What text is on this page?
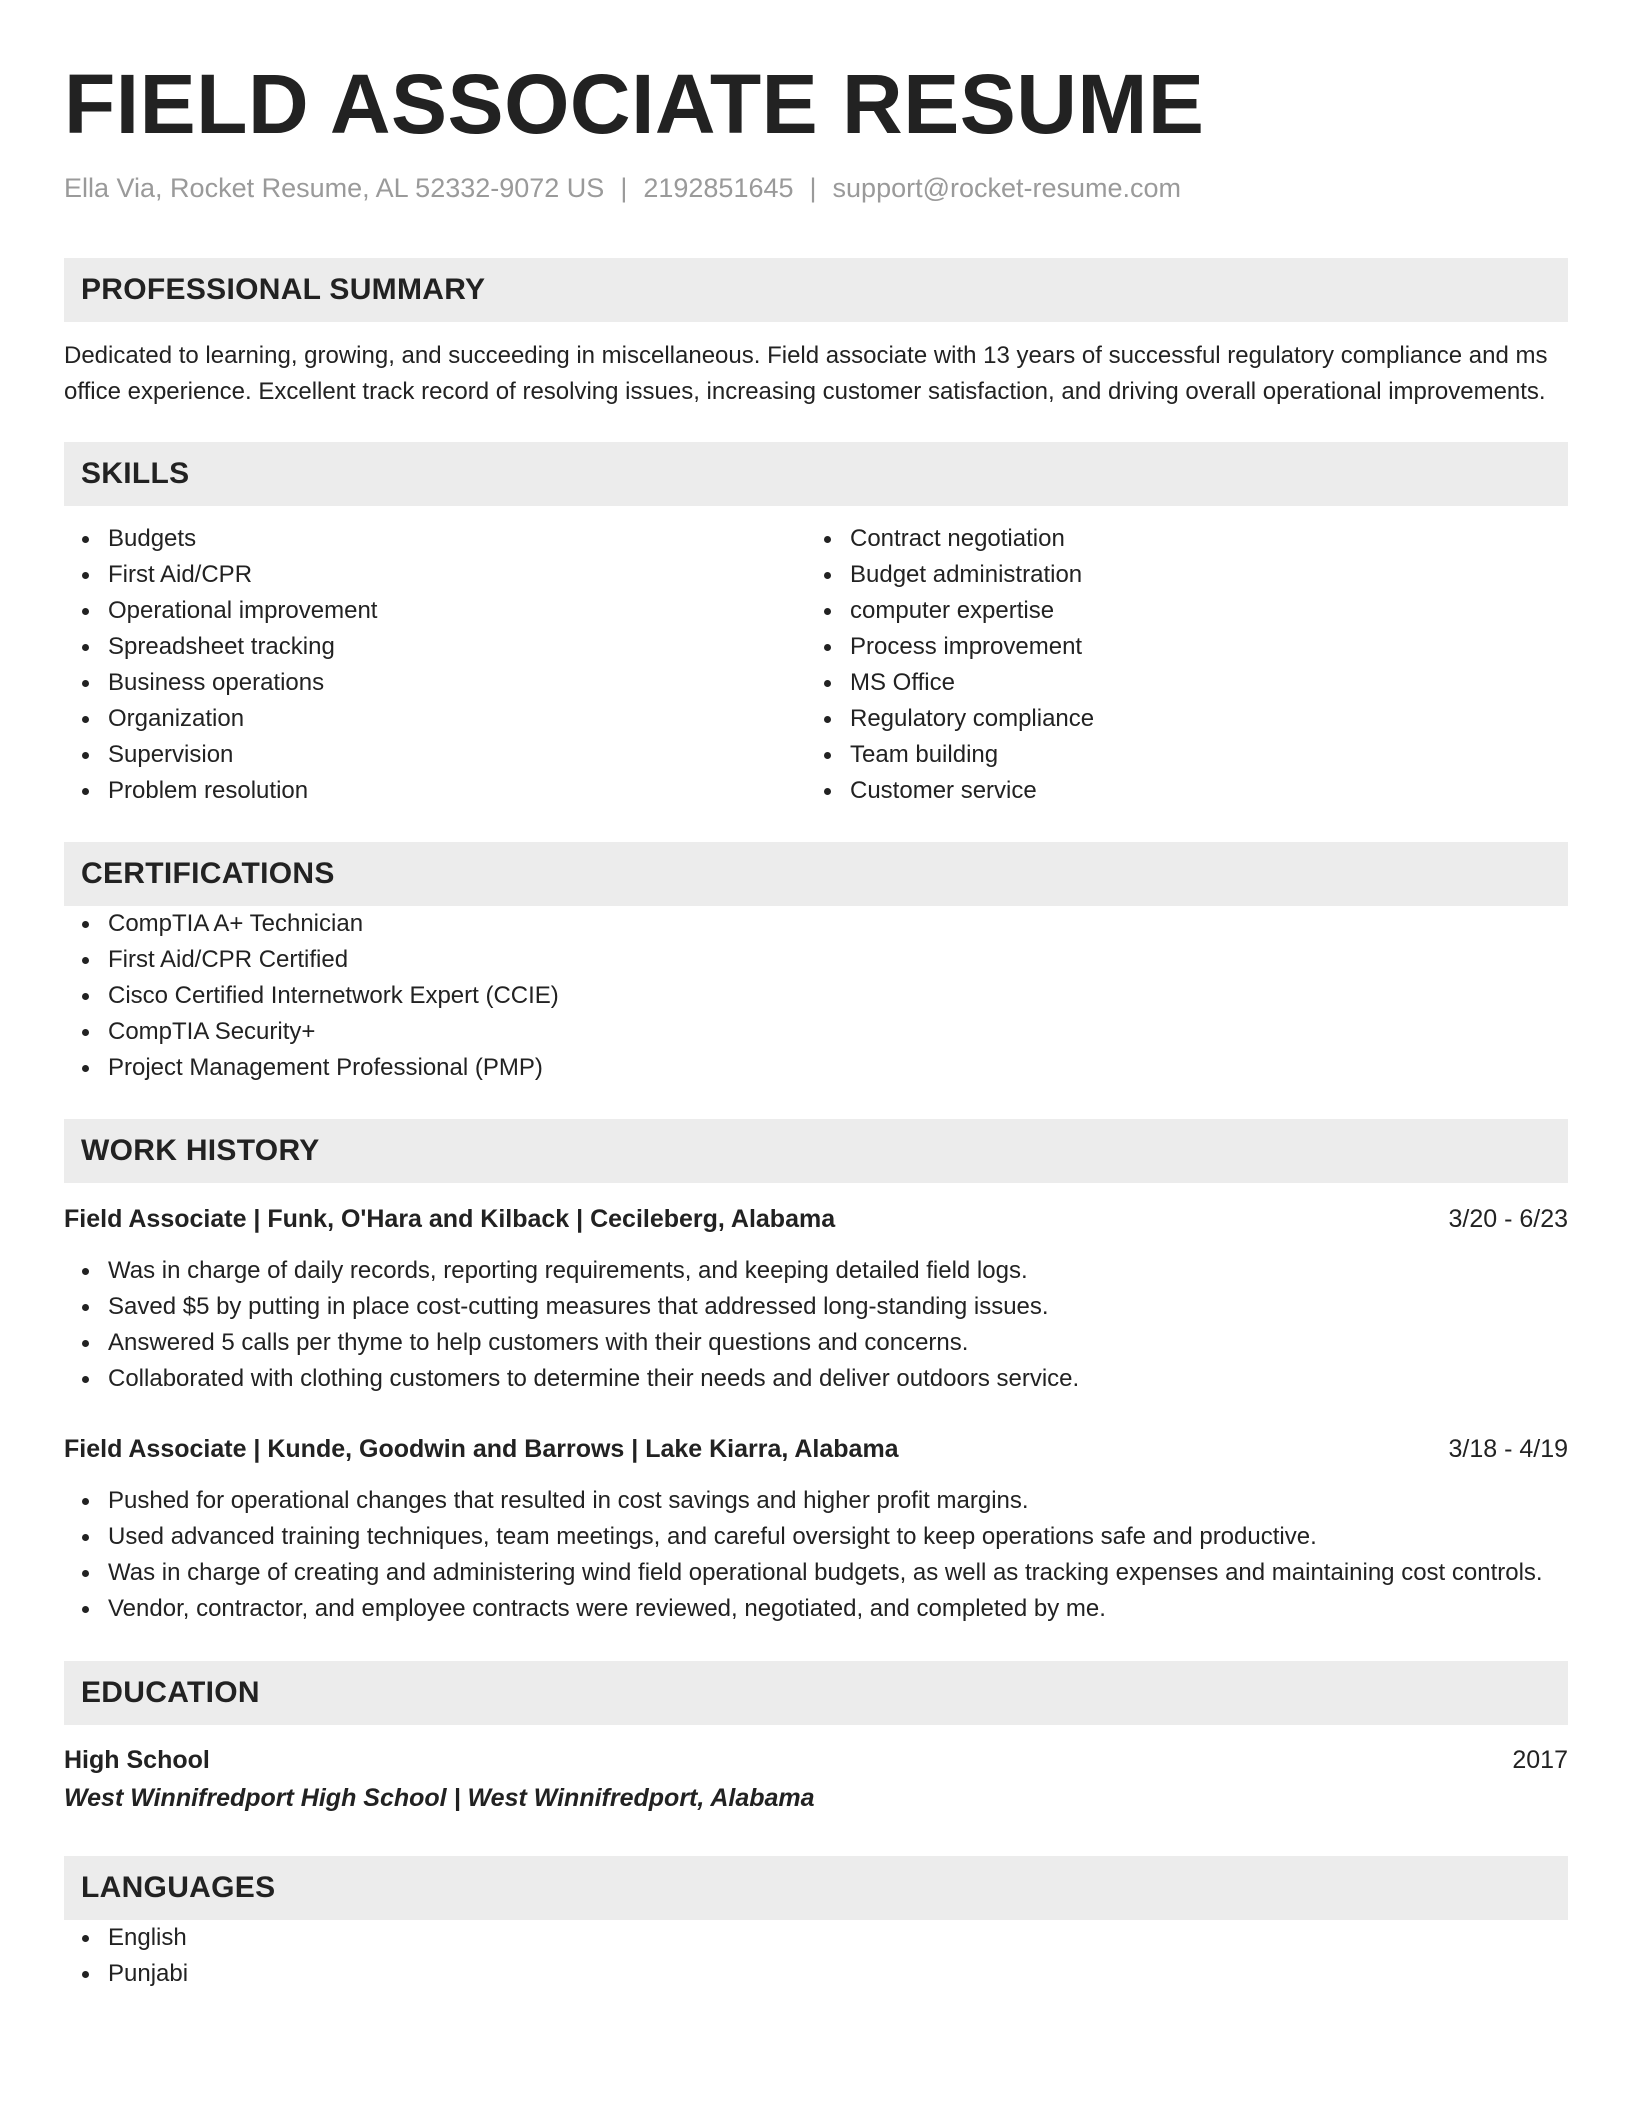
FIELD ASSOCIATE RESUME
Ella Via, Rocket Resume, AL 52332-9072 US | 2192851645 | support@rocket-resume.com
PROFESSIONAL SUMMARY

Dedicated to learning, growing, and succeeding in miscellaneous. Field associate with 13 years of successful regulatory compliance and ms office experience. Excellent track record of resolving issues, increasing customer satisfaction, and driving overall operational improvements.

SKILLS
Budgets
First Aid/CPR
Operational improvement
Spreadsheet tracking
Business operations
Organization
Supervision
Problem resolution
Contract negotiation
Budget administration
computer expertise
Process improvement
MS Office
Regulatory compliance
Team building
Customer service
CERTIFICATIONS
CompTIA A+ Technician
First Aid/CPR Certified
Cisco Certified Internetwork Expert (CCIE)
CompTIA Security+
Project Management Professional (PMP)
WORK HISTORY
Field Associate | Funk, O'Hara and Kilback | Cecileberg, Alabama	3/20 - 6/23
Was in charge of daily records, reporting requirements, and keeping detailed field logs.
Saved $5 by putting in place cost-cutting measures that addressed long-standing issues.
Answered 5 calls per thyme to help customers with their questions and concerns.
Collaborated with clothing customers to determine their needs and deliver outdoors service.
Field Associate | Kunde, Goodwin and Barrows | Lake Kiarra, Alabama	3/18 - 4/19
Pushed for operational changes that resulted in cost savings and higher profit margins.
Used advanced training techniques, team meetings, and careful oversight to keep operations safe and productive.
Was in charge of creating and administering wind field operational budgets, as well as tracking expenses and maintaining cost controls.
Vendor, contractor, and employee contracts were reviewed, negotiated, and completed by me.
EDUCATION
High School	2017
West Winnifredport High School | West Winnifredport, Alabama
LANGUAGES
English
Punjabi
